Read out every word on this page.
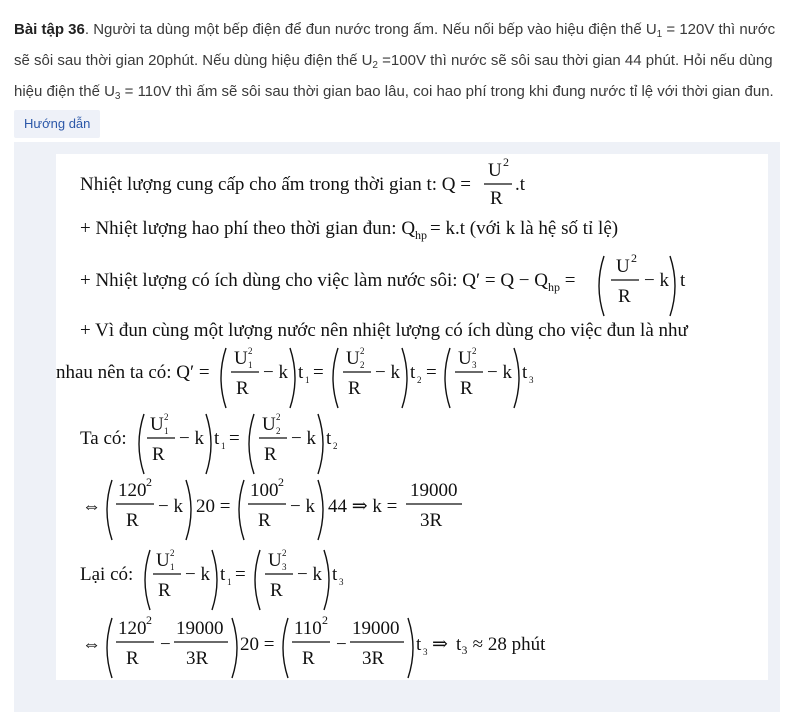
Bài tập 36. Người ta dùng một bếp điện để đun nước trong ấm. Nếu nối bếp vào hiệu điện thế $U_1 = 120V$ thì nước sẽ sôi sau thời gian 20phút. Nếu dùng hiệu điện thế $U_2 =100V$ thì nước sẽ sôi sau thời gian 44 phút. Hỏi nếu dùng hiệu điện thế $U_3 = 110V$ thì ấm sẽ sôi sau thời gian bao lâu, coi hao phí trong khi đung nước tỉ lệ với thời gian đun.
Hướng dẫn
Nhiệt lượng cung cấp cho ấm trong thời gian t: Q =
U 2
R
.t
+ Nhiệt lượng hao phí theo thời gian đun: $Q_{hp} = k.t$ (với k là hệ số tỉ lệ)
+ Nhiệt lượng có ích dùng cho việc làm nước sôi: $Q' = Q - Q_{hp}$ =
U 2
R
− k t
+ Vì đun cùng một lượng nước nên nhiệt lượng có ích dùng cho việc đun là như
nhau nên ta có: Q′ =
U 2
1
R
− k t 1 =
U 2
2
R
− k t 2 =
U 2
3
R
− k t 3
Ta có:
U 2
1
R
− k t 1 =
U 2
2
R
− k t 2
⇔
120 2
R
− k 20 =
100 2
R
− k 44 ⇒ k =
19000
3R
Lại có:
U 2
1
R
− k t 1 =
U 2
3
R
− k t 3
⇔
120 2
R
−
19000
3R
20 =
110 2
R
−
19000
3R
t 3 ⇒ t₃ ≈ 28 phút
